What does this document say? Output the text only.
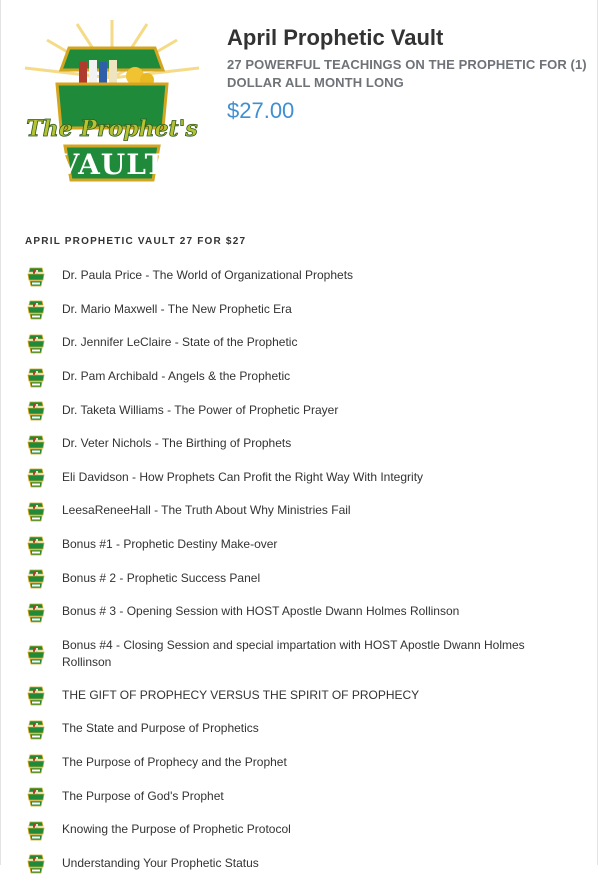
The Prophet's
VAULT
April Prophetic Vault
27 POWERFUL TEACHINGS ON THE PROPHETIC FOR (1) DOLLAR ALL MONTH LONG
$27.00
APRIL PROPHETIC VAULT 27 FOR $27
Dr. Paula Price - The World of Organizational Prophets
Dr. Mario Maxwell - The New Prophetic Era
Dr. Jennifer LeClaire - State of the Prophetic
Dr. Pam Archibald - Angels & the Prophetic
Dr. Taketa Williams - The Power of Prophetic Prayer
Dr. Veter Nichols - The Birthing of Prophets
Eli Davidson - How Prophets Can Profit the Right Way With Integrity
LeesaReneeHall - The Truth About Why Ministries Fail
Bonus #1 - Prophetic Destiny Make-over
Bonus # 2 - Prophetic Success Panel
Bonus # 3 - Opening Session with HOST Apostle Dwann Holmes Rollinson
Bonus #4 - Closing Session and special impartation with HOST Apostle Dwann Holmes Rollinson
THE GIFT OF PROPHECY VERSUS THE SPIRIT OF PROPHECY
The State and Purpose of Prophetics
The Purpose of Prophecy and the Prophet
The Purpose of God's Prophet
Knowing the Purpose of Prophetic Protocol
Understanding Your Prophetic Status
